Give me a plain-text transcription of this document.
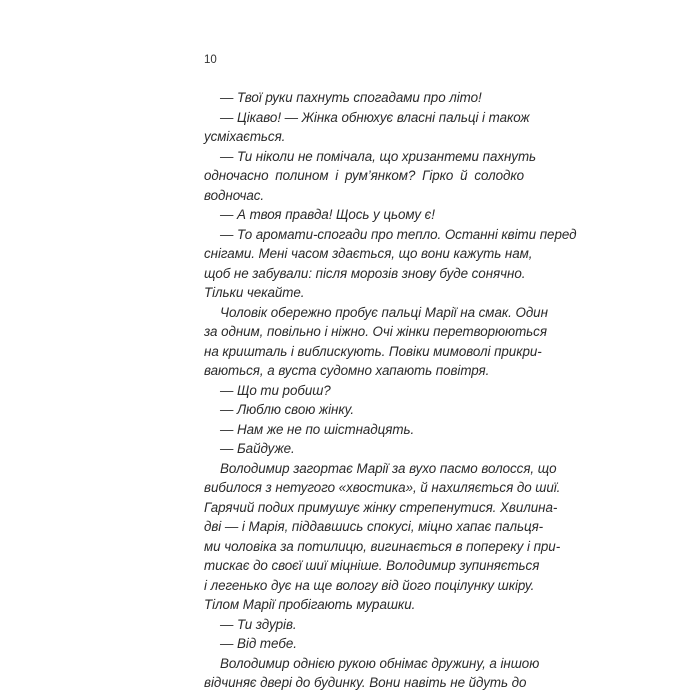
10
— Твої руки пахнуть спогадами про літо!
— Цікаво! — Жінка обнюхує власні пальці і також
усміхається.
— Ти ніколи не помічала, що хризантеми пахнуть
одночасно полином і рум’янком? Гірко й солодко
водночас.
— А твоя правда! Щось у цьому є!
— То аромати-спогади про тепло. Останні квіти перед
снігами. Мені часом здається, що вони кажуть нам,
щоб не забували: після морозів знову буде сонячно.
Тільки чекайте.
Чоловік обережно пробує пальці Марії на смак. Один
за одним, повільно і ніжно. Очі жінки перетворюються
на кришталь і виблискують. Повіки мимоволі прикри-
ваються, а вуста судомно хапають повітря.
— Що ти робиш?
— Люблю свою жінку.
— Нам же не по шістнадцять.
— Байдуже.
Володимир загортає Марії за вухо пасмо волосся, що
вибилося з нетугого «хвостика», й нахиляється до шиї.
Гарячий подих примушує жінку стрепенутися. Хвилина-
дві — і Марія, піддавшись спокусі, міцно хапає пальця-
ми чоловіка за потилицю, вигинається в попереку і при-
тискає до своєї шиї міцніше. Володимир зупиняється
і легенько дує на ще вологу від його поцілунку шкіру.
Тілом Марії пробігають мурашки.
— Ти здурів.
— Від тебе.
Володимир однією рукою обнімає дружину, а іншою
відчиняє двері до будинку. Вони навіть не йдуть до
